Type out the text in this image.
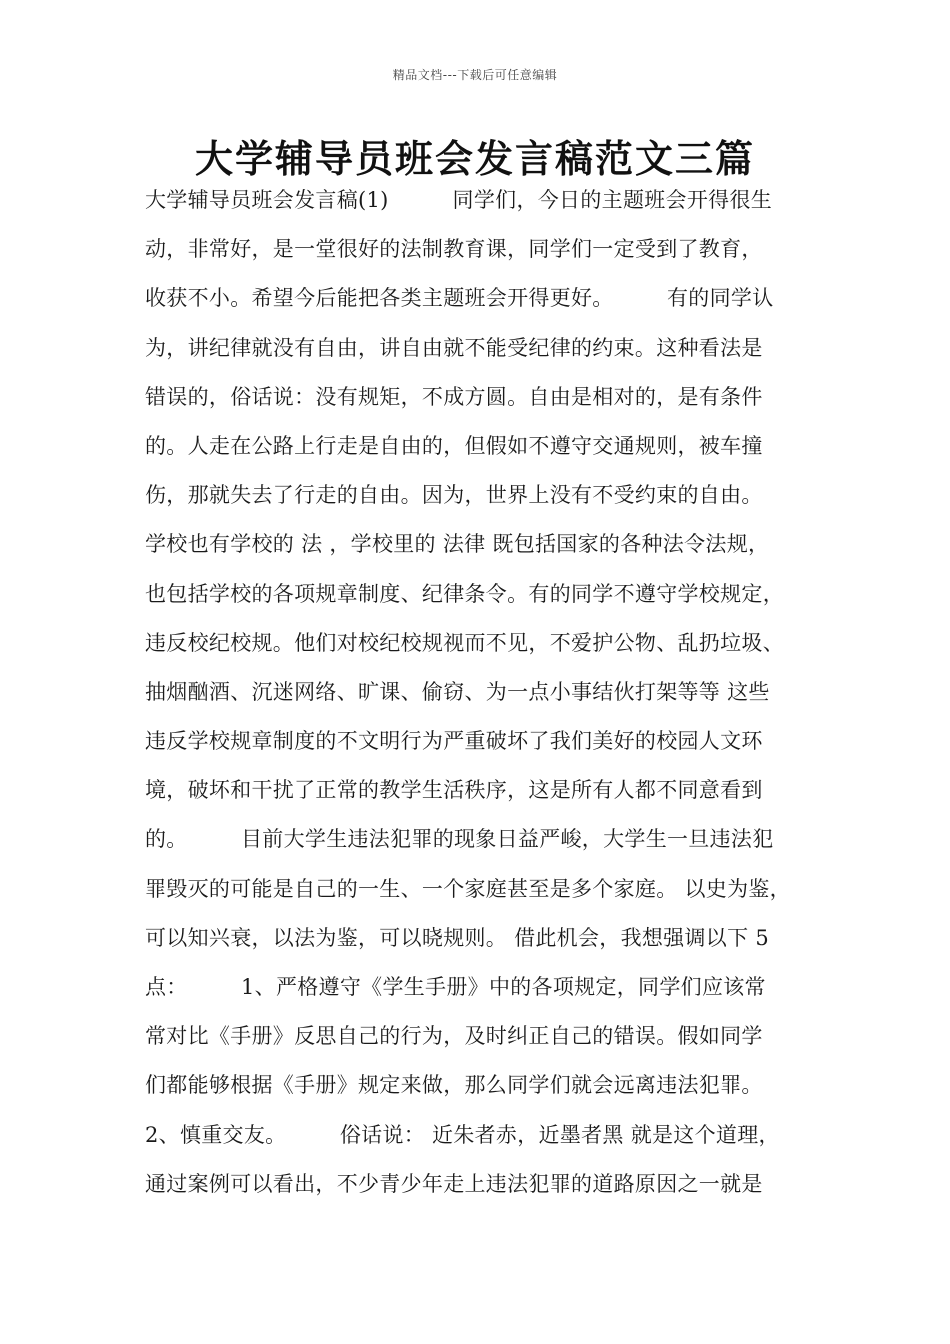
精品文档---下载后可任意编辑
大学辅导员班会发言稿范文三篇
大学辅导员班会发言稿(1)　　　同学们，今日的主题班会开得很生
动，非常好，是一堂很好的法制教育课，同学们一定受到了教育，
收获不小。希望今后能把各类主题班会开得更好。　　　有的同学认
为，讲纪律就没有自由，讲自由就不能受纪律的约束。这种看法是
错误的，俗话说：没有规矩，不成方圆。自由是相对的，是有条件
的。人走在公路上行走是自由的，但假如不遵守交通规则，被车撞
伤，那就失去了行走的自由。因为，世界上没有不受约束的自由。
学校也有学校的 法 ，学校里的 法律 既包括国家的各种法令法规，
也包括学校的各项规章制度、纪律条令。有的同学不遵守学校规定，
违反校纪校规。他们对校纪校规视而不见，不爱护公物、乱扔垃圾、
抽烟酗酒、沉迷网络、旷课、偷窃、为一点小事结伙打架等等 这些
违反学校规章制度的不文明行为严重破坏了我们美好的校园人文环
境，破坏和干扰了正常的教学生活秩序，这是所有人都不同意看到
的。　　　目前大学生违法犯罪的现象日益严峻，大学生一旦违法犯
罪毁灭的可能是自己的一生、一个家庭甚至是多个家庭。 以史为鉴，
可以知兴衰，以法为鉴，可以晓规则。 借此机会，我想强调以下 5
点：　　　1、严格遵守《学生手册》中的各项规定，同学们应该常
常对比《手册》反思自己的行为，及时纠正自己的错误。假如同学
们都能够根据《手册》规定来做，那么同学们就会远离违法犯罪。
2、慎重交友。　　　俗话说： 近朱者赤，近墨者黑 就是这个道理，
通过案例可以看出，不少青少年走上违法犯罪的道路原因之一就是
